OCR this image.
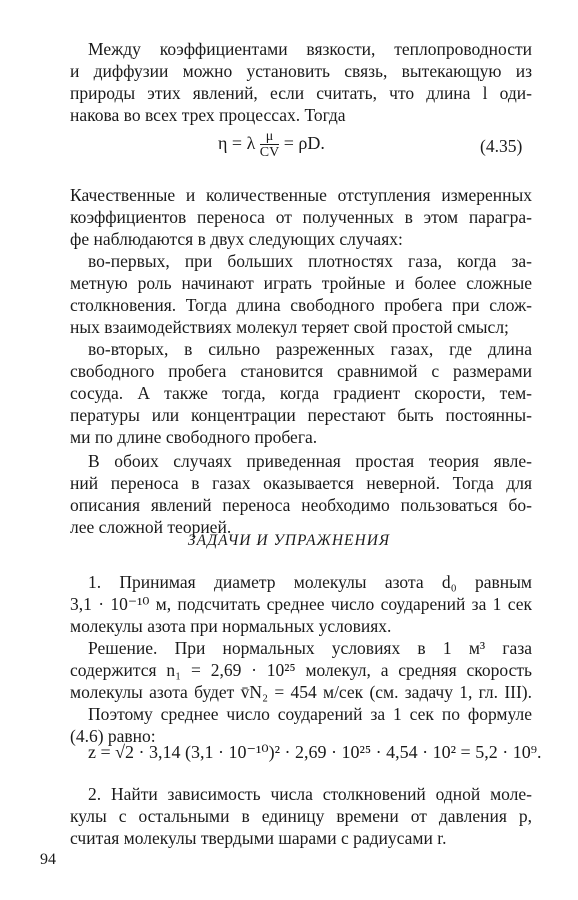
Между коэффициентами вязкости, теплопроводности
и диффузии можно установить связь, вытекающую из
природы этих явлений, если считать, что длина l оди-
накова во всех трех процессах. Тогда
η = λ $\frac{\mu}{CV} = \rho D$.	(4.35)
Качественные и количественные отступления измеренных
коэффициентов переноса от полученных в этом парагра-
фе наблюдаются в двух следующих случаях:
во-первых, при больших плотностях газа, когда за-
метную роль начинают играть тройные и более сложные
столкновения. Тогда длина свободного пробега при слож-
ных взаимодействиях молекул теряет свой простой смысл;
во-вторых, в сильно разреженных газах, где длина
свободного пробега становится сравнимой с размерами
сосуда. А также тогда, когда градиент скорости, тем-
пературы или концентрации перестают быть постоянны-
ми по длине свободного пробега.
В обоих случаях приведенная простая теория явле-
ний переноса в газах оказывается неверной. Тогда для
описания явлений переноса необходимо пользоваться бо-
лее сложной теорией.
ЗАДАЧИ И УПРАЖНЕНИЯ
1. Принимая диаметр молекулы азота d₀ равным
3,1 · 10⁻¹⁰ м, подсчитать среднее число соударений за 1 сек
молекулы азота при нормальных условиях.
Решение. При нормальных условиях в 1 м³ газа
содержится n₁ = 2,69 · 10²⁵ молекул, а средняя скорость
молекулы азота будет v̄N₂ = 454 м/сек (см. задачу 1, гл. III).
Поэтому среднее число соударений за 1 сек по формуле
(4.6) равно:
z = √2 · 3,14 (3,1 · 10⁻¹⁰)² · 2,69 · 10²⁵ · 4,54 · 10² = 5,2 · 10⁹.
2. Найти зависимость числа столкновений одной моле-
кулы с остальными в единицу времени от давления p,
считая молекулы твердыми шарами с радиусами r.
94
